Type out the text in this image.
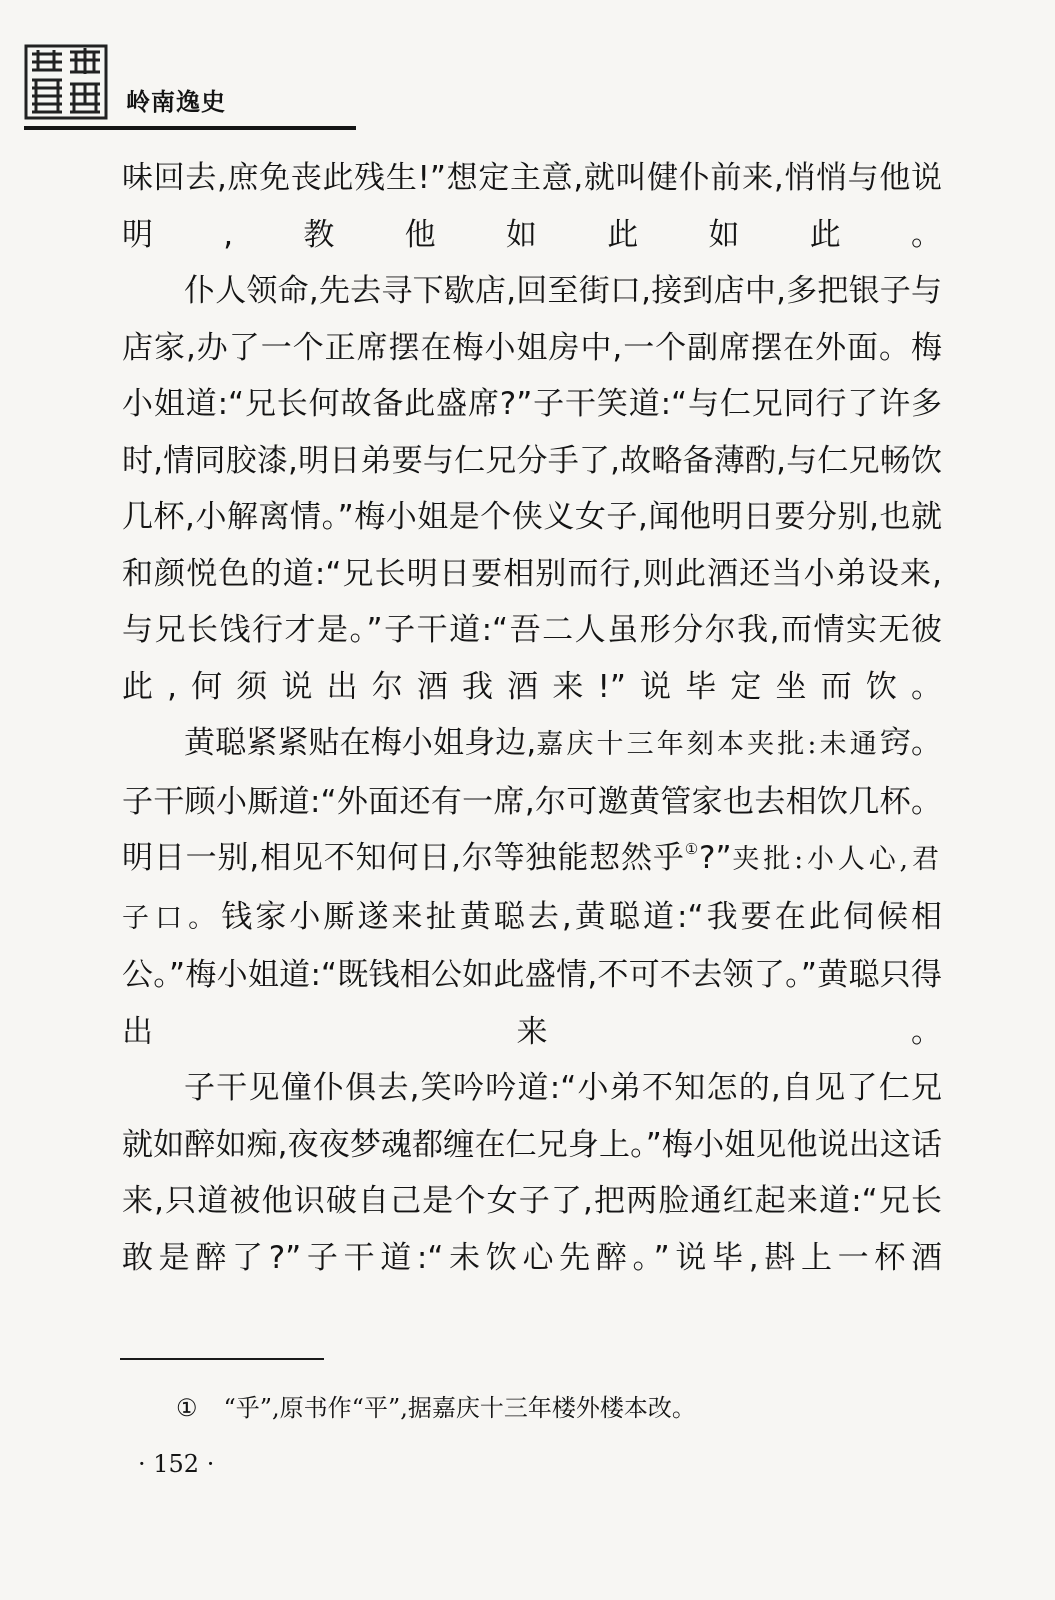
岭南逸史

味回去,庶免丧此残生!”想定主意,就叫健仆前来,悄悄与他说明,教他如此如此。

仆人领命,先去寻下歇店,回至街口,接到店中,多把银子与店家,办了一个正席摆在梅小姐房中,一个副席摆在外面。梅小姐道:“兄长何故备此盛席?”子干笑道:“与仁兄同行了许多时,情同胶漆,明日弟要与仁兄分手了,故略备薄酌,与仁兄畅饮几杯,小解离情。”梅小姐是个侠义女子,闻他明日要分别,也就和颜悦色的道:“兄长明日要相别而行,则此酒还当小弟设来,与兄长饯行才是。”子干道:“吾二人虽形分尔我,而情实无彼此,何须说出尔酒我酒来!”说毕定坐而饮。

黄聪紧紧贴在梅小姐身边,嘉庆十三年刻本夹批:未通窍。子干顾小厮道:“外面还有一席,尔可邀黄管家也去相饮几杯。明日一别,相见不知何日,尔等独能恝然乎①?”夹批:小人心,君子口。钱家小厮遂来扯黄聪去,黄聪道:“我要在此伺候相公。”梅小姐道:“既钱相公如此盛情,不可不去领了。”黄聪只得出来。

子干见僮仆俱去,笑吟吟道:“小弟不知怎的,自见了仁兄就如醉如痴,夜夜梦魂都缠在仁兄身上。”梅小姐见他说出这话来,只道被他识破自己是个女子了,把两脸通红起来道:“兄长敢是醉了?”子干道:“未饮心先醉。”说毕,斟上一杯酒

① “乎”,原书作“平”,据嘉庆十三年楼外楼本改。
· 152 ·
